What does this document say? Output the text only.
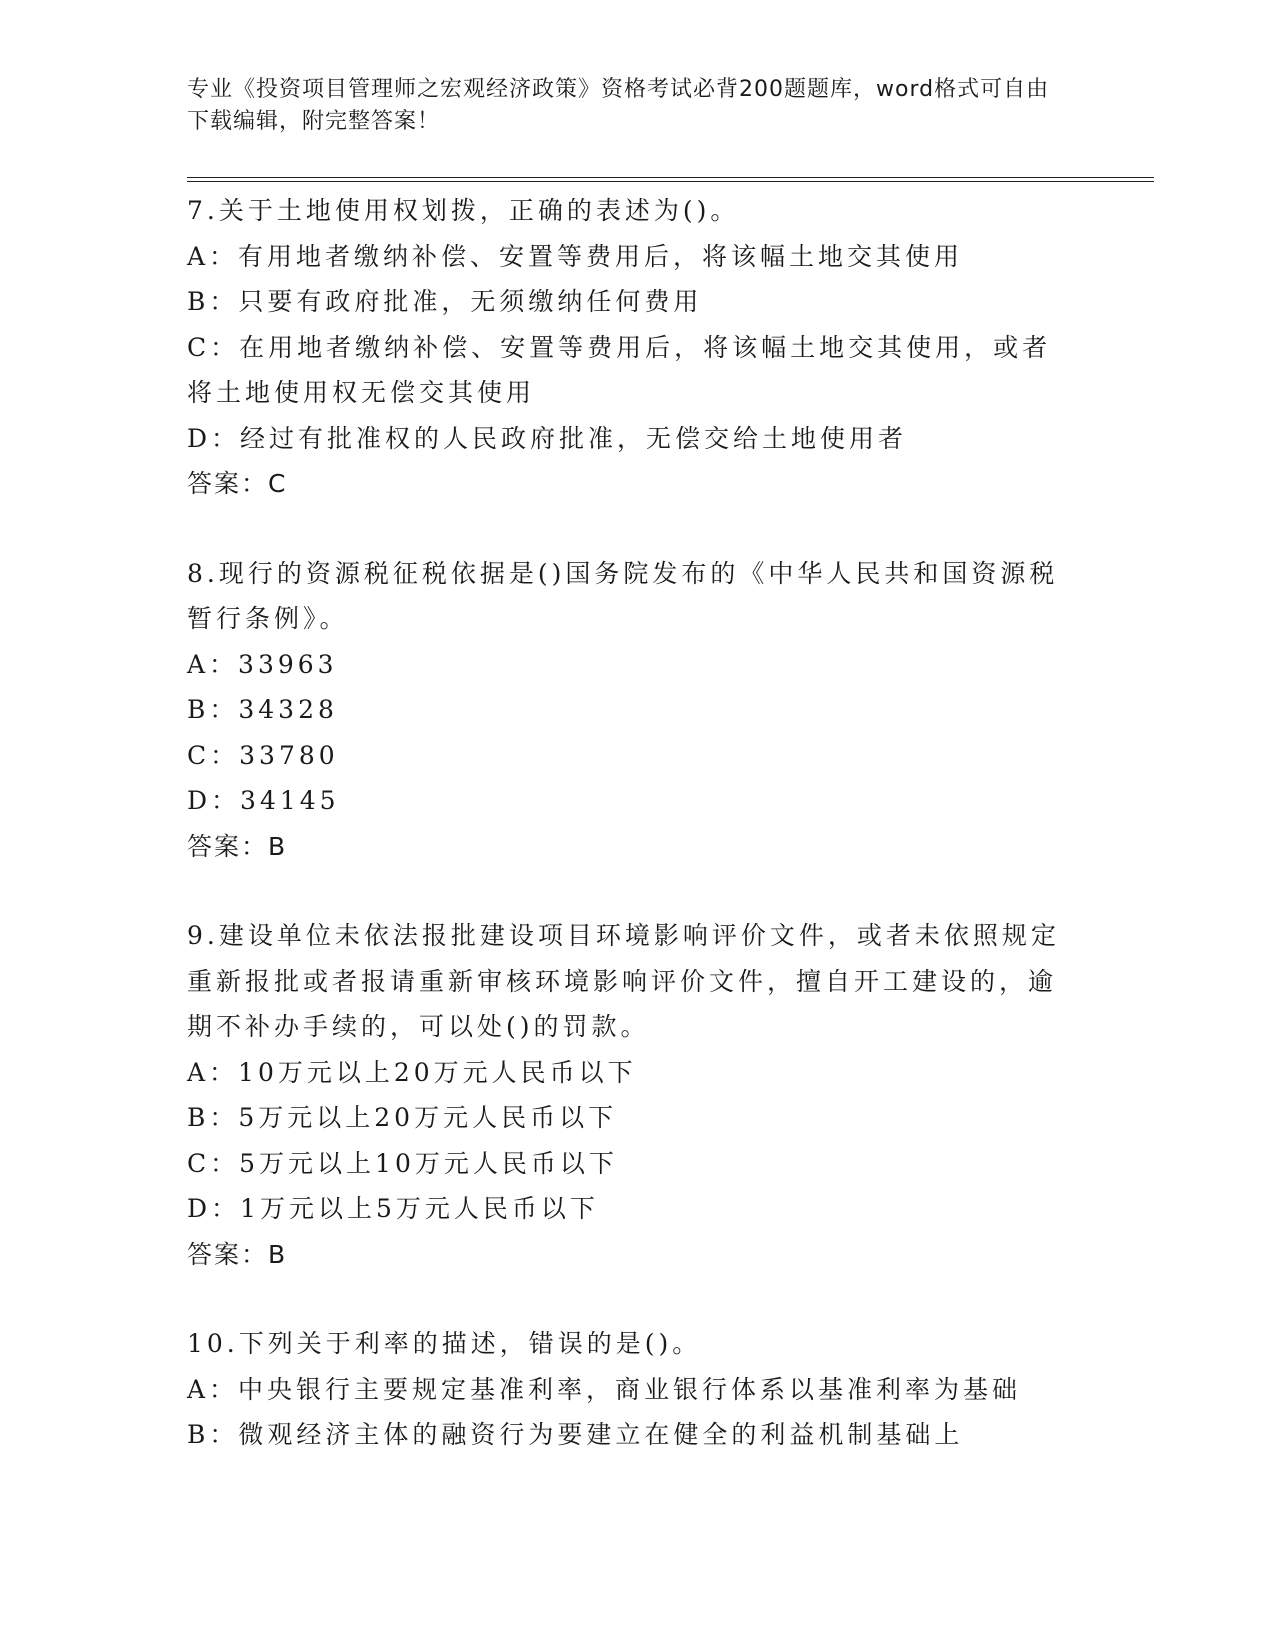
专业《投资项目管理师之宏观经济政策》资格考试必背200题题库，word格式可自由下载编辑，附完整答案！

7.关于土地使用权划拨，正确的表述为()。

A：有用地者缴纳补偿、安置等费用后，将该幅土地交其使用

B：只要有政府批准，无须缴纳任何费用

C：在用地者缴纳补偿、安置等费用后，将该幅土地交其使用，或者将土地使用权无偿交其使用

D：经过有批准权的人民政府批准，无偿交给土地使用者

答案：C

8.现行的资源税征税依据是()国务院发布的《中华人民共和国资源税暂行条例》。

A：33963

B：34328

C：33780

D：34145

答案：B

9.建设单位未依法报批建设项目环境影响评价文件，或者未依照规定重新报批或者报请重新审核环境影响评价文件，擅自开工建设的，逾期不补办手续的，可以处()的罚款。

A：10万元以上20万元人民币以下

B：5万元以上20万元人民币以下

C：5万元以上10万元人民币以下

D：1万元以上5万元人民币以下

答案：B

10.下列关于利率的描述，错误的是()。

A：中央银行主要规定基准利率，商业银行体系以基准利率为基础

B：微观经济主体的融资行为要建立在健全的利益机制基础上
